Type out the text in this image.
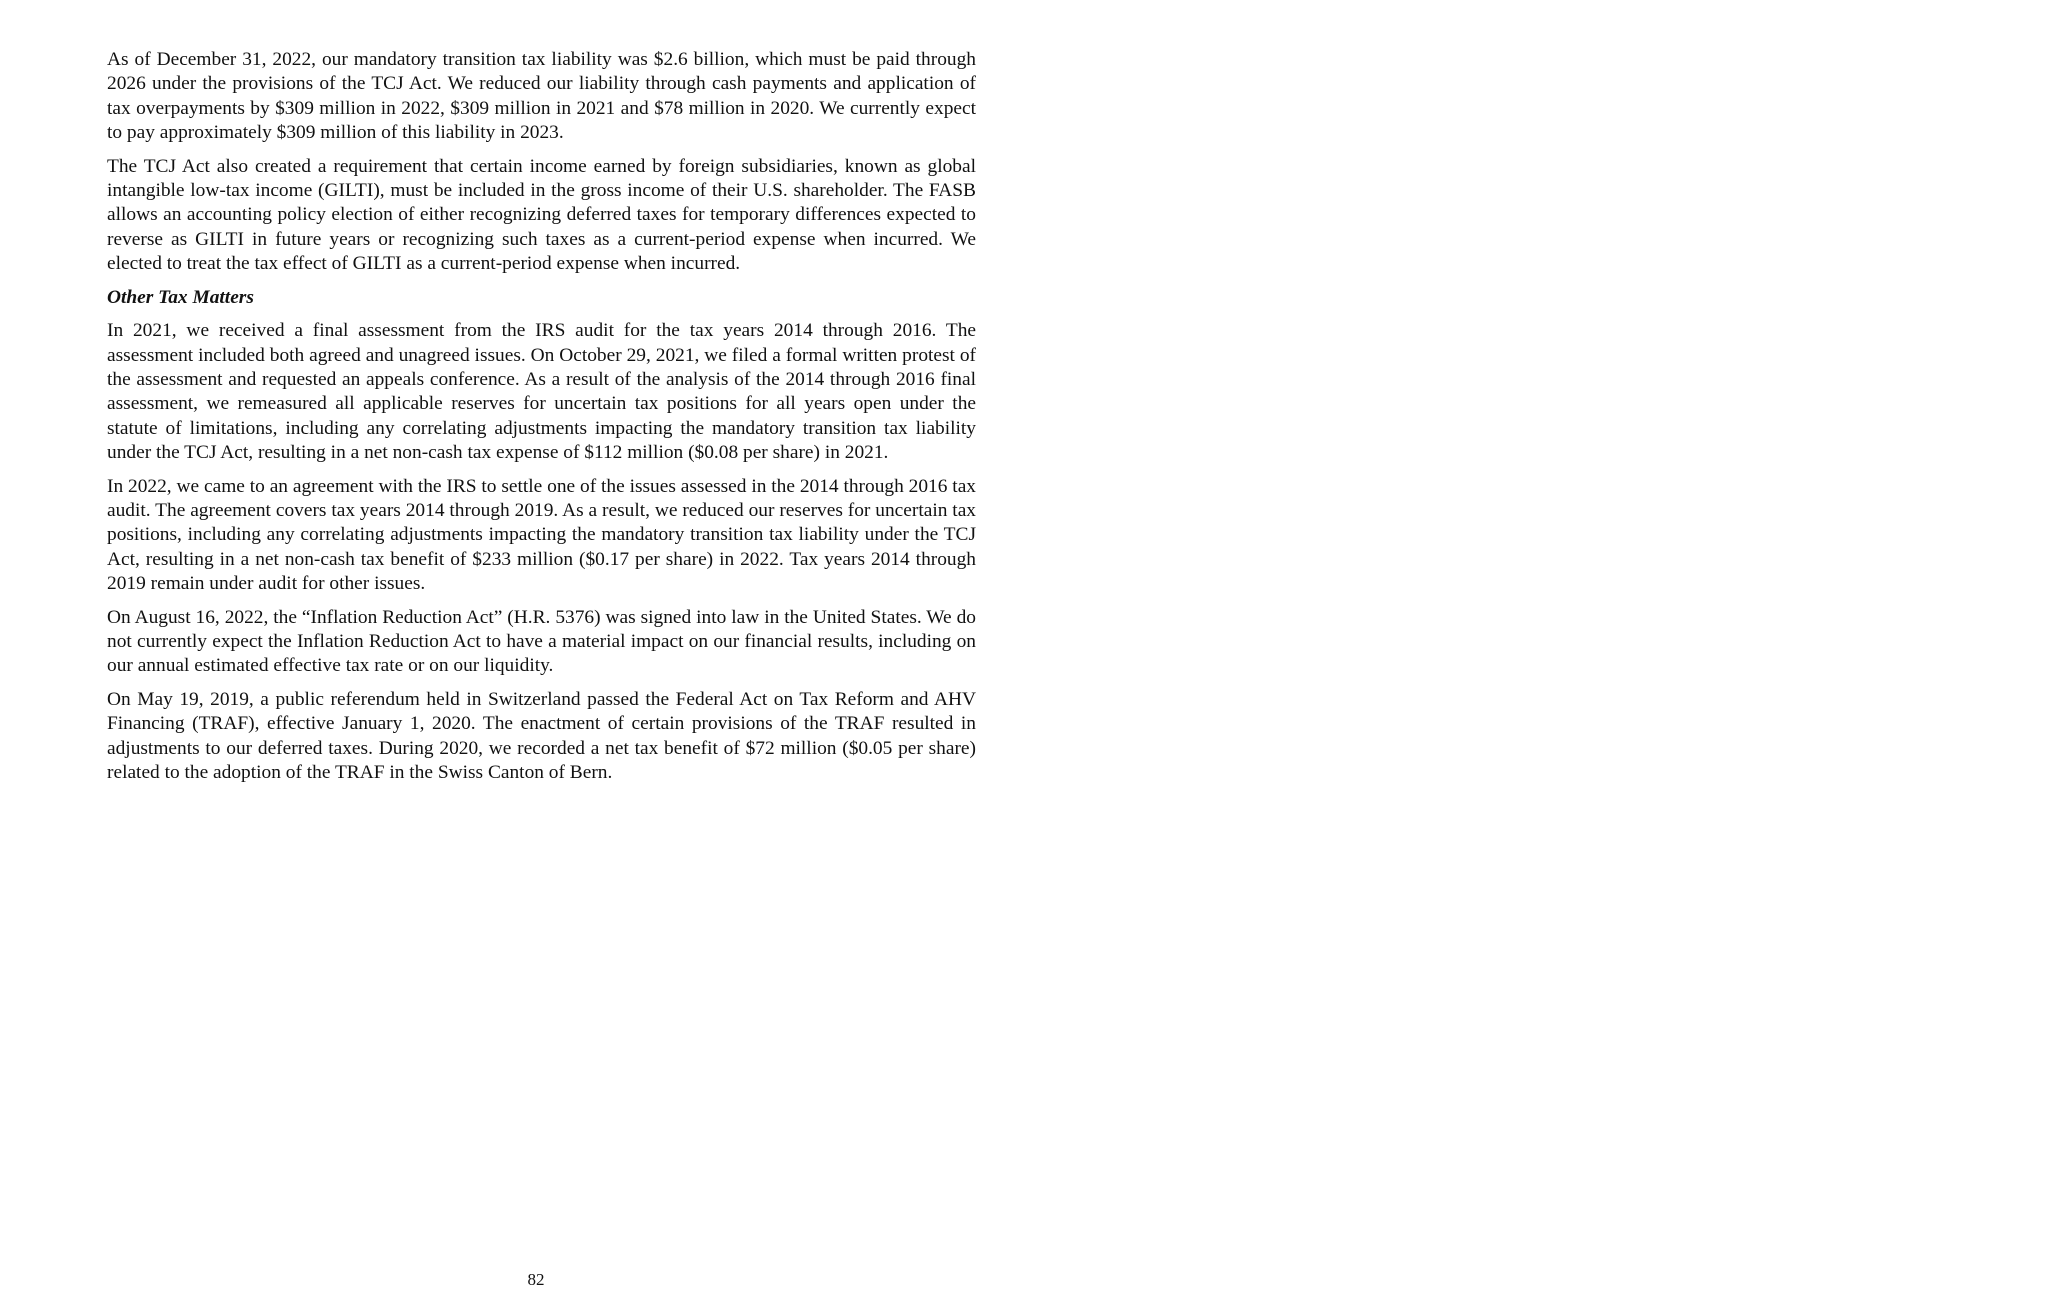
As of December 31, 2022, our mandatory transition tax liability was $2.6 billion, which must be paid through 2026 under the provisions of the TCJ Act. We reduced our liability through cash payments and application of tax overpayments by $309 million in 2022, $309 million in 2021 and $78 million in 2020. We currently expect to pay approximately $309 million of this liability in 2023.

The TCJ Act also created a requirement that certain income earned by foreign subsidiaries, known as global intangible low-tax income (GILTI), must be included in the gross income of their U.S. shareholder. The FASB allows an accounting policy election of either recognizing deferred taxes for temporary differences expected to reverse as GILTI in future years or recognizing such taxes as a current-period expense when incurred. We elected to treat the tax effect of GILTI as a current-period expense when incurred.

Other Tax Matters

In 2021, we received a final assessment from the IRS audit for the tax years 2014 through 2016. The assessment included both agreed and unagreed issues. On October 29, 2021, we filed a formal written protest of the assessment and requested an appeals conference. As a result of the analysis of the 2014 through 2016 final assessment, we remeasured all applicable reserves for uncertain tax positions for all years open under the statute of limitations, including any correlating adjustments impacting the mandatory transition tax liability under the TCJ Act, resulting in a net non-cash tax expense of $112 million ($0.08 per share) in 2021.

In 2022, we came to an agreement with the IRS to settle one of the issues assessed in the 2014 through 2016 tax audit. The agreement covers tax years 2014 through 2019. As a result, we reduced our reserves for uncertain tax positions, including any correlating adjustments impacting the mandatory transition tax liability under the TCJ Act, resulting in a net non-cash tax benefit of $233 million ($0.17 per share) in 2022. Tax years 2014 through 2019 remain under audit for other issues.

On August 16, 2022, the “Inflation Reduction Act” (H.R. 5376) was signed into law in the United States. We do not currently expect the Inflation Reduction Act to have a material impact on our financial results, including on our annual estimated effective tax rate or on our liquidity.

On May 19, 2019, a public referendum held in Switzerland passed the Federal Act on Tax Reform and AHV Financing (TRAF), effective January 1, 2020. The enactment of certain provisions of the TRAF resulted in adjustments to our deferred taxes. During 2020, we recorded a net tax benefit of $72 million ($0.05 per share) related to the adoption of the TRAF in the Swiss Canton of Bern.

82
